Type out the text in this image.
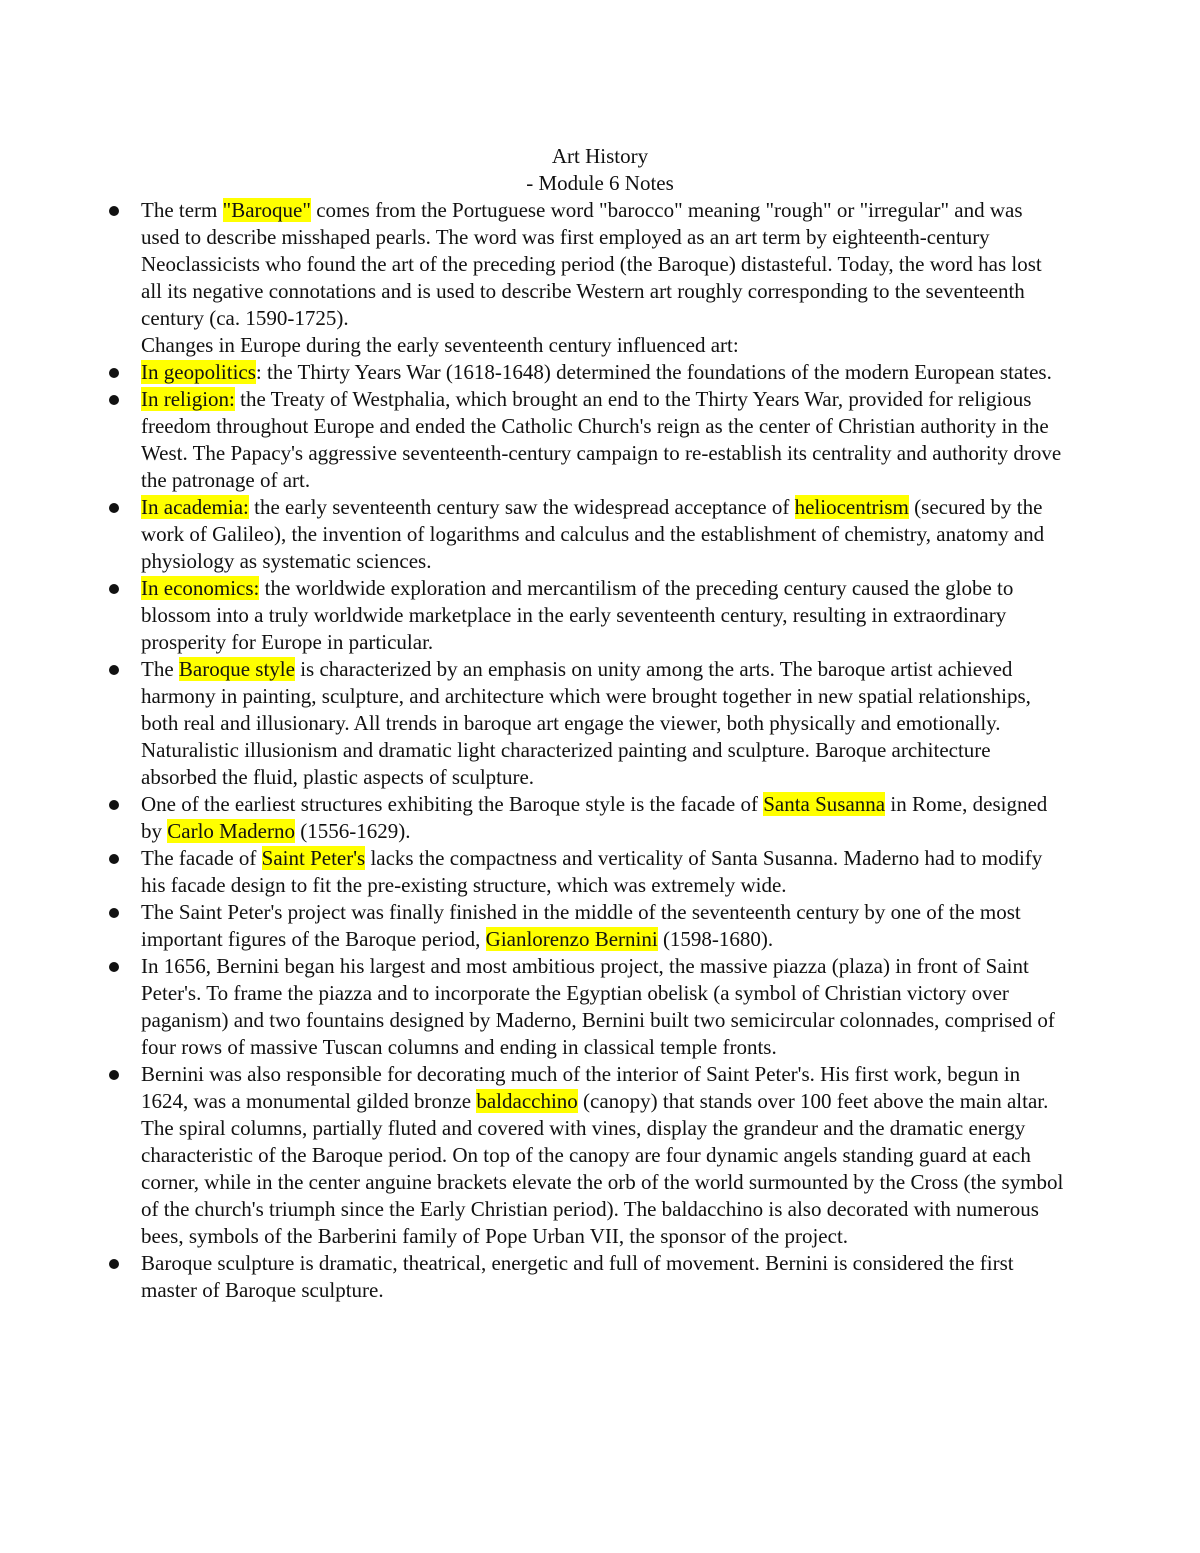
Art History
- Module 6 Notes
The term "Baroque" comes from the Portuguese word "barocco" meaning "rough" or "irregular" and was used to describe misshaped pearls. The word was first employed as an art term by eighteenth-century Neoclassicists who found the art of the preceding period (the Baroque) distasteful. Today, the word has lost all its negative connotations and is used to describe Western art roughly corresponding to the seventeenth century (ca. 1590-1725).
Changes in Europe during the early seventeenth century influenced art:
In geopolitics: the Thirty Years War (1618-1648) determined the foundations of the modern European states.
In religion: the Treaty of Westphalia, which brought an end to the Thirty Years War, provided for religious freedom throughout Europe and ended the Catholic Church's reign as the center of Christian authority in the West. The Papacy's aggressive seventeenth-century campaign to re-establish its centrality and authority drove the patronage of art.
In academia: the early seventeenth century saw the widespread acceptance of heliocentrism (secured by the work of Galileo), the invention of logarithms and calculus and the establishment of chemistry, anatomy and physiology as systematic sciences.
In economics: the worldwide exploration and mercantilism of the preceding century caused the globe to blossom into a truly worldwide marketplace in the early seventeenth century, resulting in extraordinary prosperity for Europe in particular.
The Baroque style is characterized by an emphasis on unity among the arts. The baroque artist achieved harmony in painting, sculpture, and architecture which were brought together in new spatial relationships, both real and illusionary. All trends in baroque art engage the viewer, both physically and emotionally. Naturalistic illusionism and dramatic light characterized painting and sculpture. Baroque architecture absorbed the fluid, plastic aspects of sculpture.
One of the earliest structures exhibiting the Baroque style is the facade of Santa Susanna in Rome, designed by Carlo Maderno (1556-1629).
The facade of Saint Peter's lacks the compactness and verticality of Santa Susanna. Maderno had to modify his facade design to fit the pre-existing structure, which was extremely wide.
The Saint Peter's project was finally finished in the middle of the seventeenth century by one of the most important figures of the Baroque period, Gianlorenzo Bernini (1598-1680).
In 1656, Bernini began his largest and most ambitious project, the massive piazza (plaza) in front of Saint Peter's. To frame the piazza and to incorporate the Egyptian obelisk (a symbol of Christian victory over paganism) and two fountains designed by Maderno, Bernini built two semicircular colonnades, comprised of four rows of massive Tuscan columns and ending in classical temple fronts.
Bernini was also responsible for decorating much of the interior of Saint Peter's. His first work, begun in 1624, was a monumental gilded bronze baldacchino (canopy) that stands over 100 feet above the main altar. The spiral columns, partially fluted and covered with vines, display the grandeur and the dramatic energy characteristic of the Baroque period. On top of the canopy are four dynamic angels standing guard at each corner, while in the center anguine brackets elevate the orb of the world surmounted by the Cross (the symbol of the church's triumph since the Early Christian period). The baldacchino is also decorated with numerous bees, symbols of the Barberini family of Pope Urban VII, the sponsor of the project.
Baroque sculpture is dramatic, theatrical, energetic and full of movement. Bernini is considered the first master of Baroque sculpture.
